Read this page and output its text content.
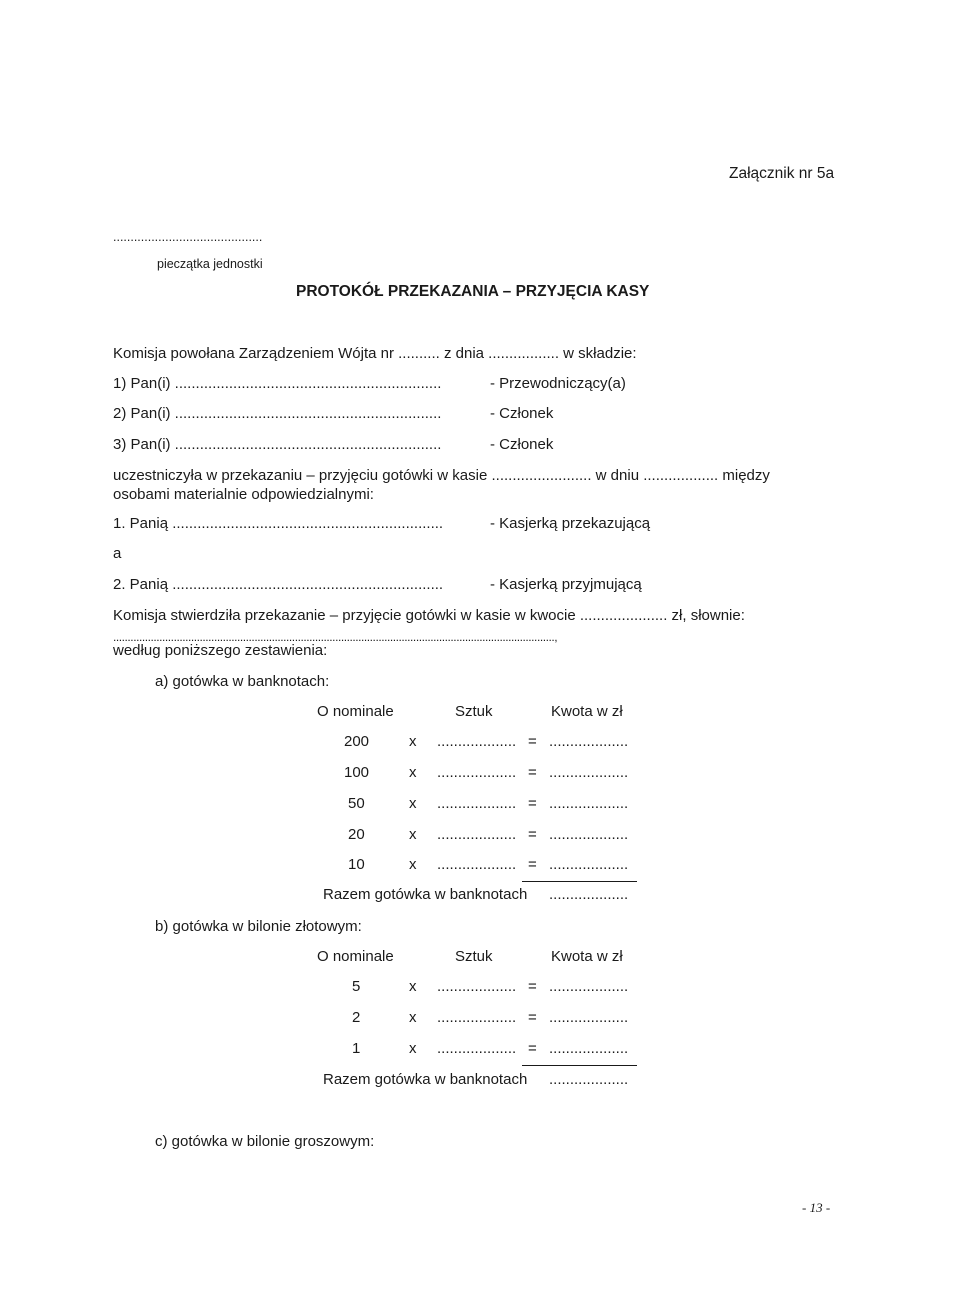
Załącznik nr 5a
...........................................
pieczątka jednostki
PROTOKÓŁ PRZEKAZANIA – PRZYJĘCIA KASY
Komisja powołana Zarządzeniem Wójta nr .......... z dnia ................. w składzie:
1) Pan(i) ................................................................	- Przewodniczący(a)
2) Pan(i) ................................................................	- Członek
3) Pan(i) ................................................................	- Członek
uczestniczyła w przekazaniu – przyjęciu gotówki w kasie ........................ w dniu .................. między
osobami materialnie odpowiedzialnymi:
1. Panią .................................................................	- Kasjerką przekazującą
a
2. Panią .................................................................	- Kasjerką przyjmującą
Komisja stwierdziła przekazanie – przyjęcie gotówki w kasie w kwocie ..................... zł, słownie:
.........................................................................................................................................................,
według poniższego zestawienia:
a) gotówka w banknotach:
O nominale	Sztuk	Kwota w zł
200	x ................... = ...................
100	x ................... = ...................
50	x ................... = ...................
20	x ................... = ...................
10	x ................... = ...................
Razem gotówka w banknotach ...................
b) gotówka w bilonie złotowym:
O nominale	Sztuk	Kwota w zł
5	x ................... = ...................
2	x ................... = ...................
1	x ................... = ...................
Razem gotówka w banknotach ...................
c) gotówka w bilonie groszowym:
- 13 -
